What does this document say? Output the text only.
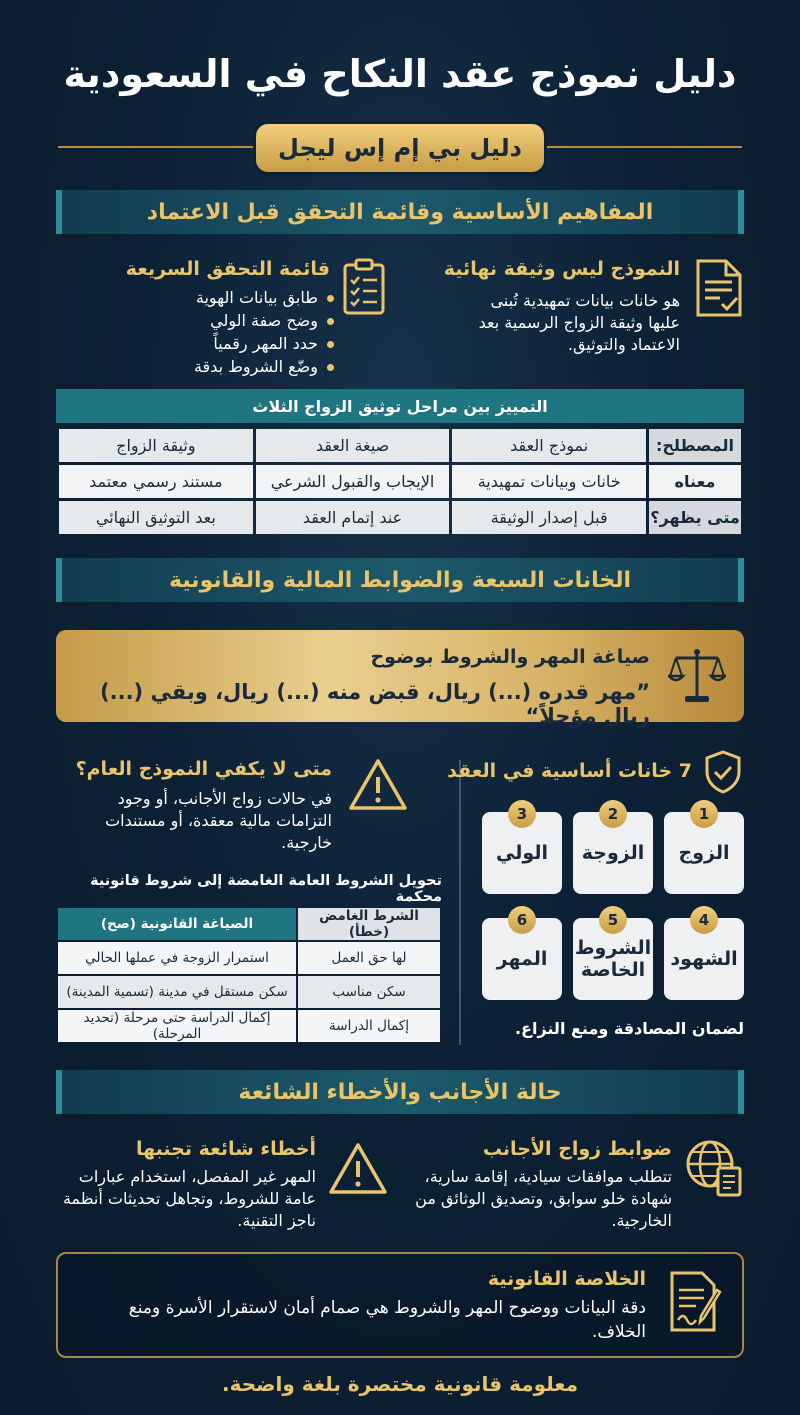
دليل نموذج عقد النكاح في السعودية
دليل بي إم إس ليجل
المفاهيم الأساسية وقائمة التحقق قبل الاعتماد
النموذج ليس وثيقة نهائية
هو خانات بيانات تمهيدية تُبنى عليها وثيقة الزواج الرسمية بعد الاعتماد والتوثيق.
قائمة التحقق السريعة
طابق بيانات الهوية
وضح صفة الولي
حدد المهر رقمياً
وضّع الشروط بدقة
التمييز بين مراحل توثيق الزواج الثلاث
المصطلح:	نموذج العقد	صيغة العقد	وثيقة الزواج
معناه	خانات وبيانات تمهيدية	الإيجاب والقبول الشرعي	مستند رسمي معتمد
متى يظهر؟	قبل إصدار الوثيقة	عند إتمام العقد	بعد التوثيق النهائي
الخانات السبعة والضوابط المالية والقانونية
صياغة المهر والشروط بوضوح
”مهر قدره (...) ريال، قبض منه (...) ريال، وبقي (...) ريال مؤجلاً“
7 خانات أساسية في العقد
الزوج
1
الزوجة
2
الولي
3
الشهود
4
الشروط الخاصة
5
المهر
6
لضمان المصادقة ومنع النزاع.
متى لا يكفي النموذج العام؟
في حالات زواج الأجانب، أو وجود التزامات مالية معقدة، أو مستندات خارجية.
تحويل الشروط العامة الغامضة إلى شروط قانونية محكمة
الشرط الغامض (خطأ)	الصياغة القانونية (صح)
لها حق العمل	استمرار الزوجة في عملها الحالي
سكن مناسب	سكن مستقل في مدينة (تسمية المدينة)
إكمال الدراسة	إكمال الدراسة حتى مرحلة (تحديد المرحلة)
حالة الأجانب والأخطاء الشائعة
ضوابط زواج الأجانب
تتطلب موافقات سيادية، إقامة سارية، شهادة خلو سوابق، وتصديق الوثائق من الخارجية.
أخطاء شائعة تجنبها
المهر غير المفصل، استخدام عبارات عامة للشروط، وتجاهل تحديثات أنظمة ناجز التقنية.
الخلاصة القانونية
دقة البيانات ووضوح المهر والشروط هي صمام أمان لاستقرار الأسرة ومنع الخلاف.
معلومة قانونية مختصرة بلغة واضحة.
